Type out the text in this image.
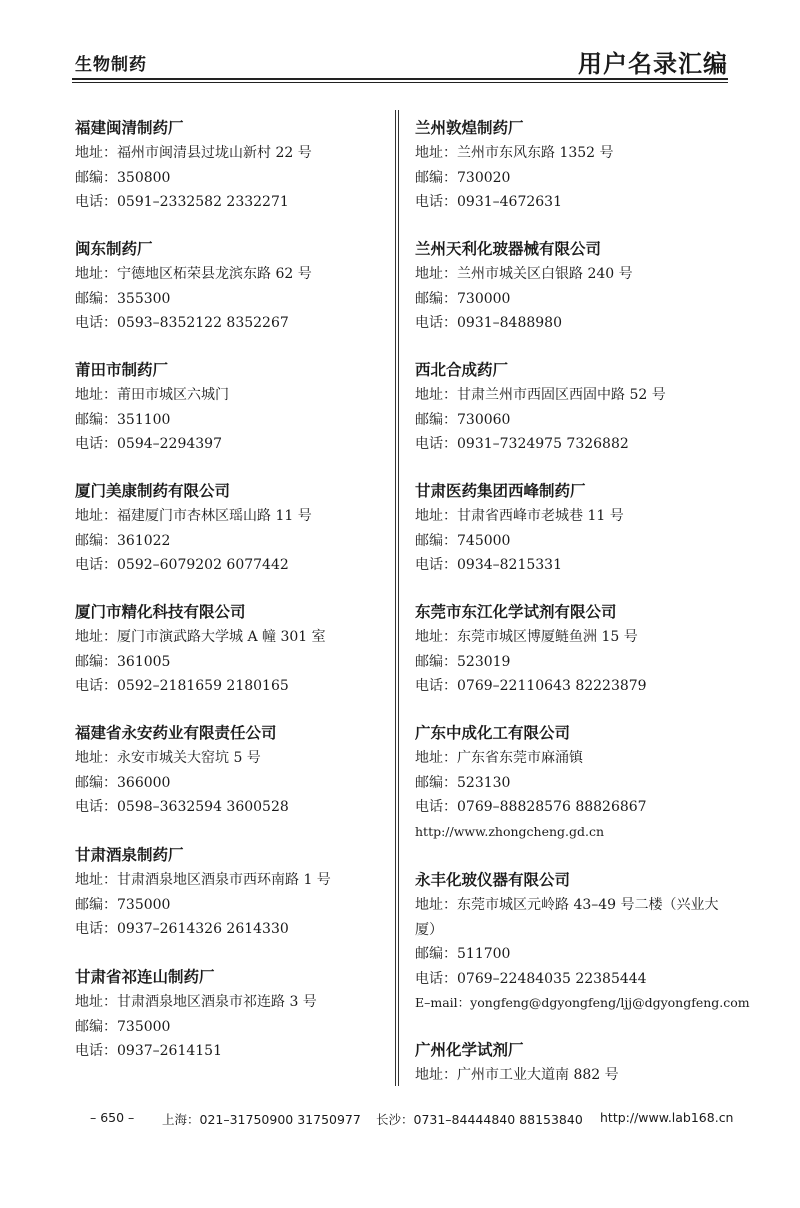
生物制药	用户名录汇编
福建闽清制药厂
地址：福州市闽清县过垅山新村 22 号
邮编：350800
电话：0591–2332582 2332271
闽东制药厂
地址：宁德地区柘荣县龙滨东路 62 号
邮编：355300
电话：0593–8352122 8352267
莆田市制药厂
地址：莆田市城区六城门
邮编：351100
电话：0594–2294397
厦门美康制药有限公司
地址：福建厦门市杏林区瑶山路 11 号
邮编：361022
电话：0592–6079202 6077442
厦门市精化科技有限公司
地址：厦门市演武路大学城 A 幢 301 室
邮编：361005
电话：0592–2181659 2180165
福建省永安药业有限责任公司
地址：永安市城关大窑坑 5 号
邮编：366000
电话：0598–3632594 3600528
甘肃酒泉制药厂
地址：甘肃酒泉地区酒泉市西环南路 1 号
邮编：735000
电话：0937–2614326 2614330
甘肃省祁连山制药厂
地址：甘肃酒泉地区酒泉市祁连路 3 号
邮编：735000
电话：0937–2614151
兰州敦煌制药厂
地址：兰州市东风东路 1352 号
邮编：730020
电话：0931–4672631
兰州天利化玻器械有限公司
地址：兰州市城关区白银路 240 号
邮编：730000
电话：0931–8488980
西北合成药厂
地址：甘肃兰州市西固区西固中路 52 号
邮编：730060
电话：0931–7324975 7326882
甘肃医药集团西峰制药厂
地址：甘肃省西峰市老城巷 11 号
邮编：745000
电话：0934–8215331
东莞市东江化学试剂有限公司
地址：东莞市城区博厦鲢鱼洲 15 号
邮编：523019
电话：0769–22110643 82223879
广东中成化工有限公司
地址：广东省东莞市麻涌镇
邮编：523130
电话：0769–88828576 88826867
http://www.zhongcheng.gd.cn
永丰化玻仪器有限公司
地址：东莞市城区元岭路 43–49 号二楼（兴业大厦）
邮编：511700
电话：0769–22484035 22385444
E–mail：yongfeng@dgyongfeng/ljj@dgyongfeng.com
广州化学试剂厂
地址：广州市工业大道南 882 号
– 650 – 上海：021–31750900 31750977 长沙：0731–84444840 88153840 http://www.lab168.cn
